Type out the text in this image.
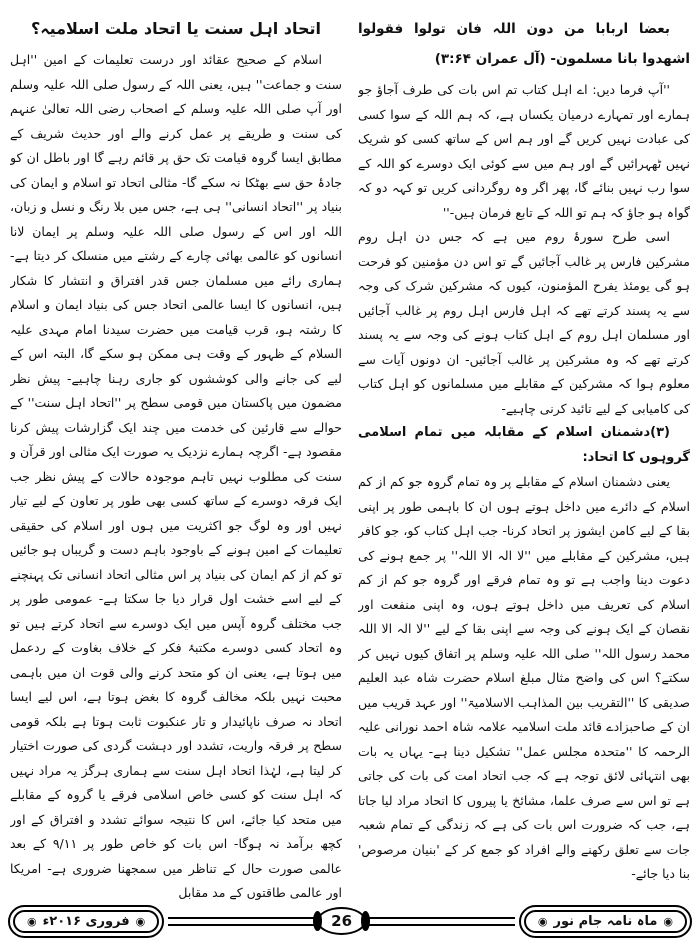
بعضا اربابا من دون اللہ فان تولوا فقولوا اشھدوا بانا مسلمون- (آل عمران ۳:۶۴)

''آپ فرما دیں: اے اہل کتاب تم اس بات کی طرف آجاؤ جو ہمارے اور تمہارے درمیان یکساں ہے، کہ ہم اللہ کے سوا کسی کی عبادت نہیں کریں گے اور ہم اس کے ساتھ کسی کو شریک نہیں ٹھہرائیں گے اور ہم میں سے کوئی ایک دوسرے کو اللہ کے سوا رب نہیں بنائے گا، پھر اگر وہ روگردانی کریں تو کہہ دو کہ گواہ ہو جاؤ کہ ہم تو اللہ کے تابع فرمان ہیں-''

اسی طرح سورۂ روم میں ہے کہ جس دن اہل روم مشرکین فارس پر غالب آجائیں گے تو اس دن مؤمنین کو فرحت ہو گی یومئذ یفرح المؤمنون، کیوں کہ مشرکین شرک کی وجہ سے یہ پسند کرتے تھے کہ اہل فارس اہل روم پر غالب آجائیں اور مسلمان اہل روم کے اہل کتاب ہونے کی وجہ سے یہ پسند کرتے تھے کہ وہ مشرکین پر غالب آجائیں- ان دونوں آیات سے معلوم ہوا کہ مشرکین کے مقابلے میں مسلمانوں کو اہل کتاب کی کامیابی کے لیے تائید کرنی چاہیے-

(۳)دشمنان اسلام کے مقابلہ میں تمام اسلامی گروہوں کا اتحاد:

یعنی دشمنان اسلام کے مقابلے پر وہ تمام گروہ جو کم از کم اسلام کے دائرے میں داخل ہوتے ہوں ان کا باہمی طور پر اپنی بقا کے لیے کامن ایشوز پر اتحاد کرنا- جب اہل کتاب کو، جو کافر ہیں، مشرکین کے مقابلے میں ''لا الہ الا اللہ'' پر جمع ہونے کی دعوت دینا واجب ہے تو وہ تمام فرقے اور گروہ جو کم از کم اسلام کی تعریف میں داخل ہوتے ہوں، وہ اپنی منفعت اور نقصان کے ایک ہونے کی وجہ سے اپنی بقا کے لیے ''لا الہ الا اللہ محمد رسول اللہ'' صلی اللہ علیہ وسلم پر اتفاق کیوں نہیں کر سکتے؟ اس کی واضح مثال مبلغ اسلام حضرت شاہ عبد العلیم صدیقی کا ''التقریب بین المذاہب الاسلامیۃ'' اور عہد قریب میں ان کے صاحبزادے قائد ملت اسلامیہ علامہ شاہ احمد نورانی علیہ الرحمہ کا ''متحدہ مجلس عمل'' تشکیل دینا ہے- یہاں یہ بات بھی انتہائی لائق توجہ ہے کہ جب اتحاد امت کی بات کی جاتی ہے تو اس سے صرف علما، مشائخ یا پیروں کا اتحاد مراد لیا جاتا ہے، جب کہ ضرورت اس بات کی ہے کہ زندگی کے تمام شعبہ جات سے تعلق رکھنے والے افراد کو جمع کر کے 'بنیان مرصوص' بنا دیا جائے-

اتحاد اہل سنت یا اتحاد ملت اسلامیہ؟

اسلام کے صحیح عقائد اور درست تعلیمات کے امین ''اہل سنت و جماعت'' ہیں، یعنی اللہ کے رسول صلی اللہ علیہ وسلم اور آپ صلی اللہ علیہ وسلم کے اصحاب رضی اللہ تعالیٰ عنہم کی سنت و طریقے پر عمل کرنے والے اور حدیث شریف کے مطابق ایسا گروہ قیامت تک حق پر قائم رہے گا اور باطل ان کو جادۂ حق سے بھٹکا نہ سکے گا- مثالی اتحاد تو اسلام و ایمان کی بنیاد پر ''اتحاد انسانی'' ہی ہے، جس میں بلا رنگ و نسل و زبان، اللہ اور اس کے رسول صلی اللہ علیہ وسلم پر ایمان لانا انسانوں کو عالمی بھائی چارے کے رشتے میں منسلک کر دیتا ہے- ہماری رائے میں مسلمان جس قدر افتراق و انتشار کا شکار ہیں، انسانوں کا ایسا عالمی اتحاد جس کی بنیاد ایمان و اسلام کا رشتہ ہو، قرب قیامت میں حضرت سیدنا امام مہدی علیہ السلام کے ظہور کے وقت ہی ممکن ہو سکے گا، البتہ اس کے لیے کی جانے والی کوششوں کو جاری رہنا چاہیے- پیش نظر مضمون میں پاکستان میں قومی سطح پر ''اتحاد اہل سنت'' کے حوالے سے قارئین کی خدمت میں چند ایک گزارشات پیش کرنا مقصود ہے- اگرچہ ہمارے نزدیک یہ صورت ایک مثالی اور قرآن و سنت کی مطلوب نہیں تاہم موجودہ حالات کے پیش نظر جب ایک فرقہ دوسرے کے ساتھ کسی بھی طور پر تعاون کے لیے تیار نہیں اور وہ لوگ جو اکثریت میں ہوں اور اسلام کی حقیقی تعلیمات کے امین ہونے کے باوجود باہم دست و گریباں ہو جائیں تو کم از کم ایمان کی بنیاد پر اس مثالی اتحاد انسانی تک پہنچنے کے لیے اسے خشت اول قرار دیا جا سکتا ہے- عمومی طور پر جب مختلف گروہ آپس میں ایک دوسرے سے اتحاد کرتے ہیں تو وہ اتحاد کسی دوسرے مکتبۂ فکر کے خلاف بغاوت کے ردعمل میں ہوتا ہے، یعنی ان کو متحد کرنے والی قوت ان میں باہمی محبت نہیں بلکہ مخالف گروہ کا بغض ہوتا ہے، اس لیے ایسا اتحاد نہ صرف ناپائیدار و تار عنکبوت ثابت ہوتا ہے بلکہ قومی سطح پر فرقہ واریت، تشدد اور دہشت گردی کی صورت اختیار کر لیتا ہے، لہٰذا اتحاد اہل سنت سے ہماری ہرگز یہ مراد نہیں کہ اہل سنت کو کسی خاص اسلامی فرقے یا گروہ کے مقابلے میں متحد کیا جائے، اس کا نتیجہ سوائے تشدد و افتراق کے اور کچھ برآمد نہ ہوگا- اس بات کو خاص طور پر ۹/۱۱ کے بعد عالمی صورت حال کے تناظر میں سمجھنا ضروری ہے- امریکا اور عالمی طاقتوں کے مد مقابل

◉
ماہ نامہ جام نور
◉
26
◉
فروری ۲۰۱۶ء
◉
